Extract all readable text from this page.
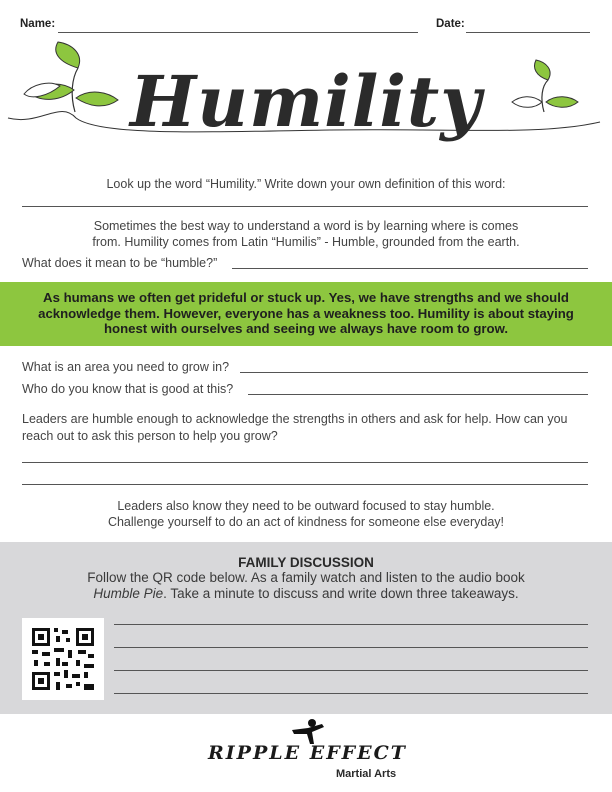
Name:	Date:
Humility
Look up the word “Humility.” Write down your own definition of this word:
Sometimes the best way to understand a word is by learning where is comes
from. Humility comes from Latin “Humilis” - Humble, grounded from the earth.
What does it mean to be “humble?”

As humans we often get prideful or stuck up. Yes, we have strengths and we should acknowledge them. However, everyone has a weakness too. Humility is about staying honest with ourselves and seeing we always have room to grow.

What is an area you need to grow in?
Who do you know that is good at this?
Leaders are humble enough to acknowledge the strengths in others and ask for help. How can you
reach out to ask this person to help you grow?
Leaders also know they need to be outward focused to stay humble.
Challenge yourself to do an act of kindness for someone else everyday!
FAMILY DISCUSSION
Follow the QR code below. As a family watch and listen to the audio book
Humble Pie. Take a minute to discuss and write down three takeaways.
RIPPLE EFFECT
Martial Arts
